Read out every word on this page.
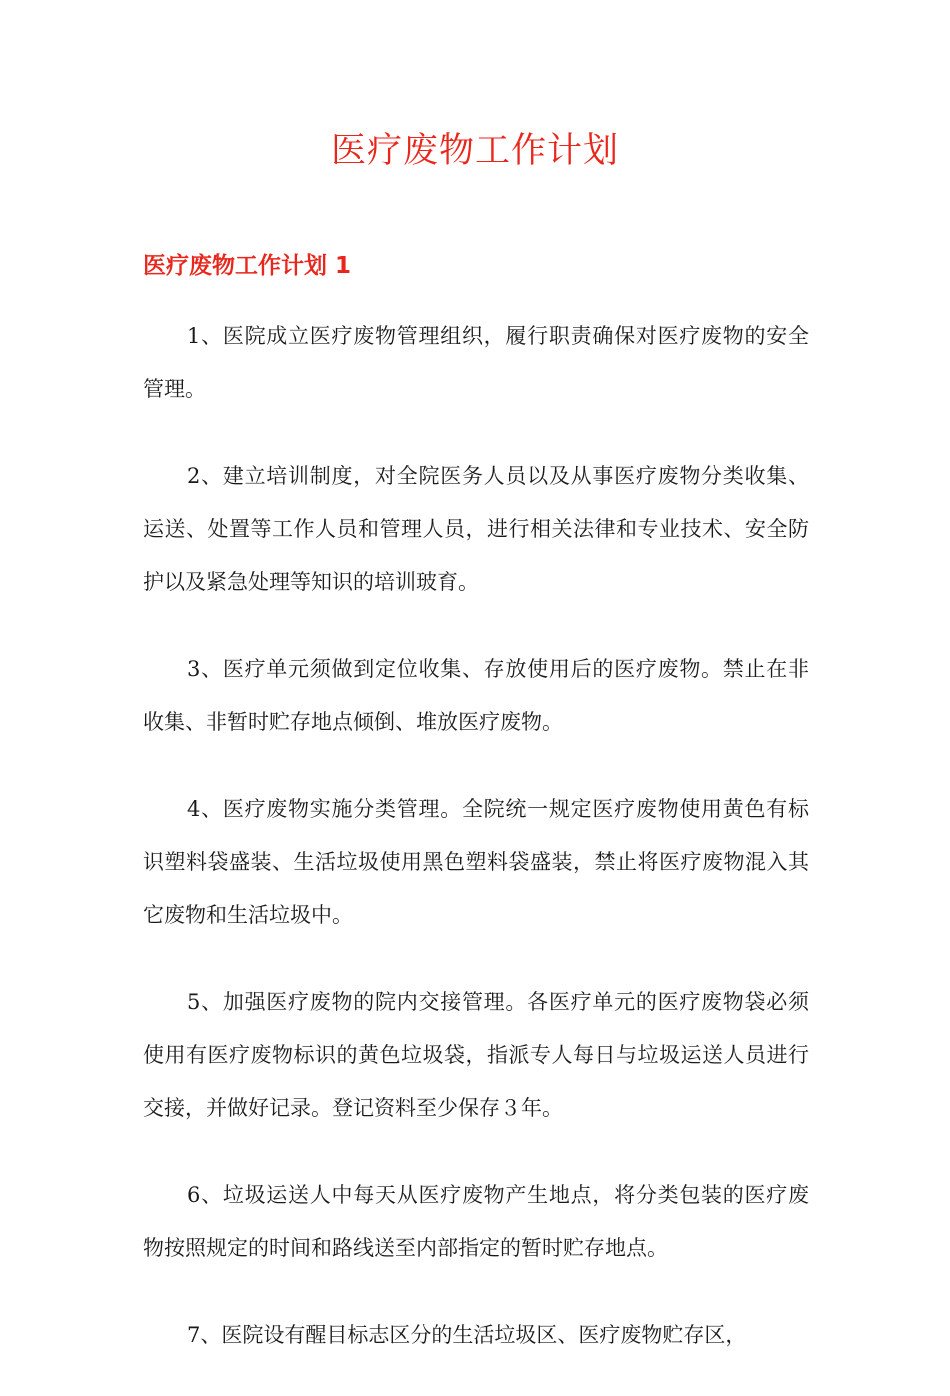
医疗废物工作计划
医疗废物工作计划 1

1、医院成立医疗废物管理组织，履行职责确保对医疗废物的安全管理。

2、建立培训制度，对全院医务人员以及从事医疗废物分类收集、运送、处置等工作人员和管理人员，进行相关法律和专业技术、安全防护以及紧急处理等知识的培训玻育。

3、医疗单元须做到定位收集、存放使用后的医疗废物。禁止在非收集、非暂时贮存地点倾倒、堆放医疗废物。

4、医疗废物实施分类管理。全院统一规定医疗废物使用黄色有标识塑料袋盛装、生活垃圾使用黑色塑料袋盛装，禁止将医疗废物混入其它废物和生活垃圾中。

5、加强医疗废物的院内交接管理。各医疗单元的医疗废物袋必须使用有医疗废物标识的黄色垃圾袋，指派专人每日与垃圾运送人员进行交接，并做好记录。登记资料至少保存３年。

6、垃圾运送人中每天从医疗废物产生地点，将分类包装的医疗废物按照规定的时间和路线送至内部指定的暂时贮存地点。

7、医院设有醒目标志区分的生活垃圾区、医疗废物贮存区，
